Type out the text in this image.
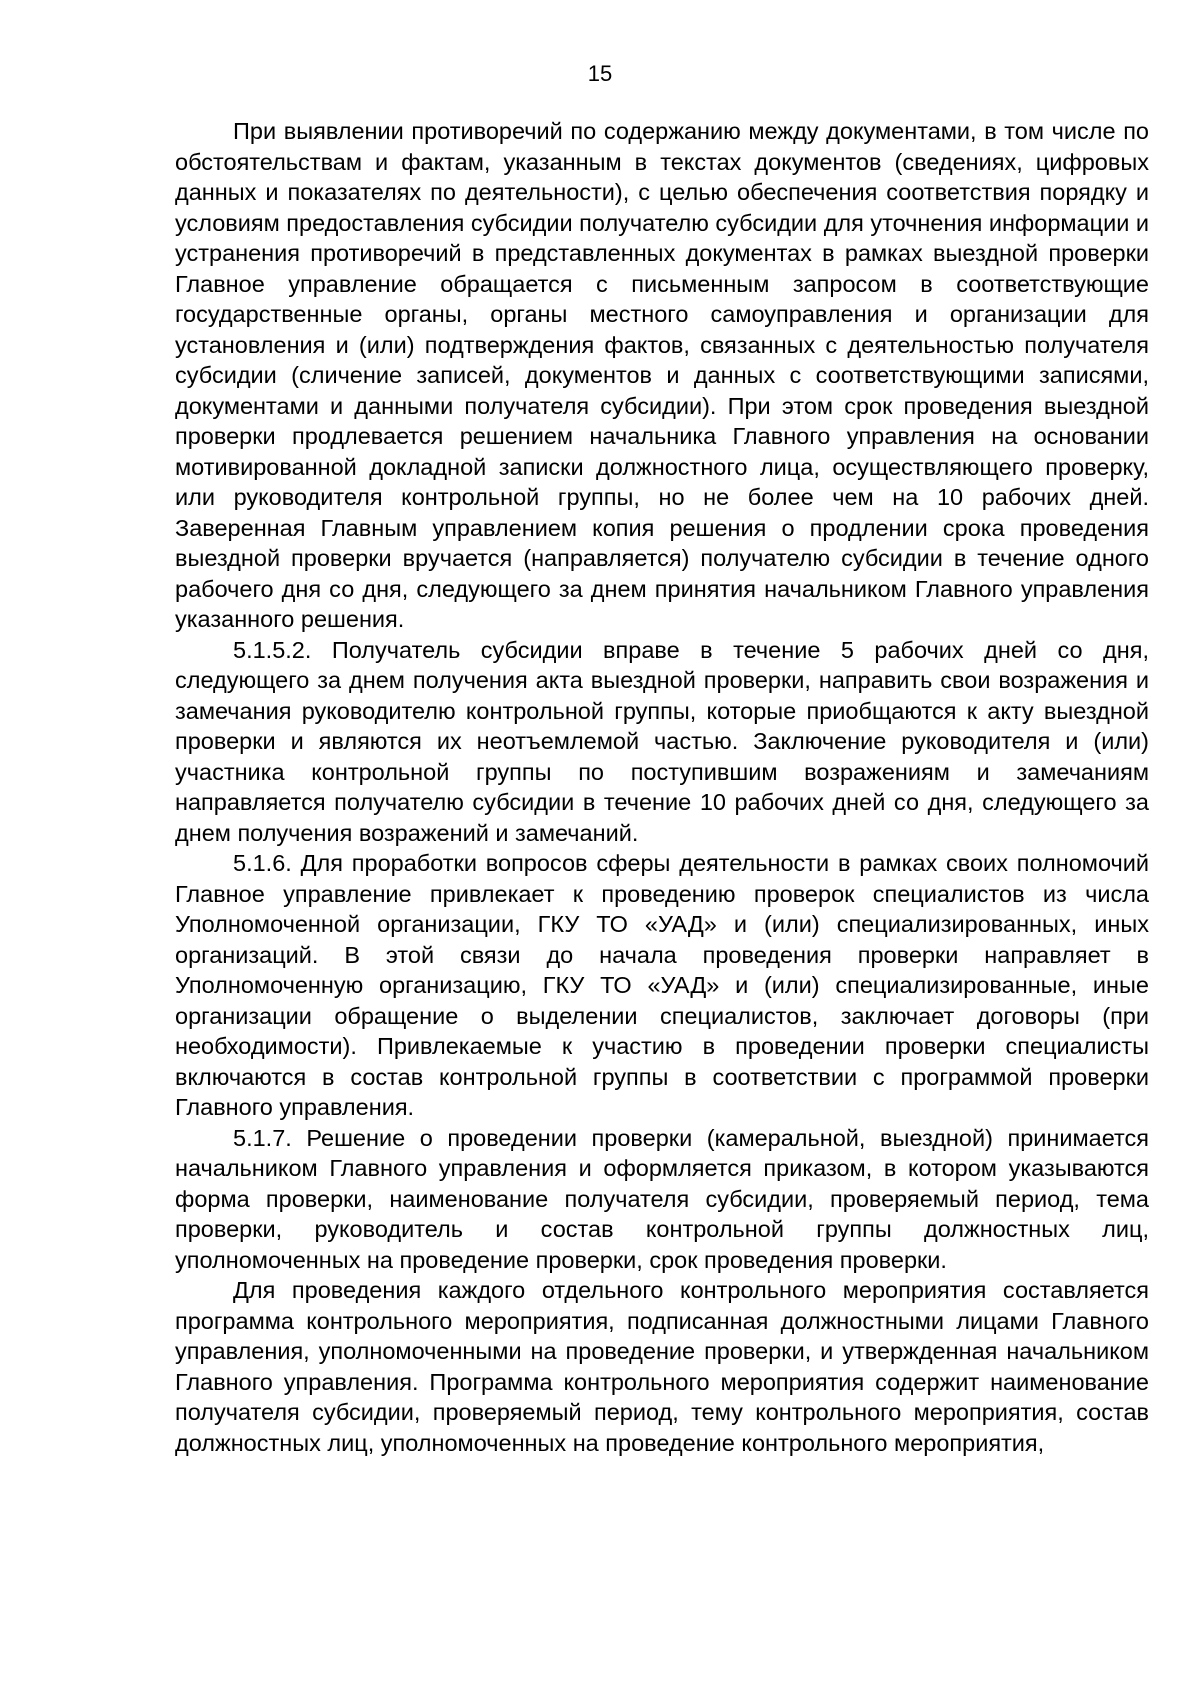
15

При выявлении противоречий по содержанию между документами, в том числе по обстоятельствам и фактам, указанным в текстах документов (сведениях, цифровых данных и показателях по деятельности), с целью обеспечения соответствия порядку и условиям предоставления субсидии получателю субсидии для уточнения информации и устранения противоречий в представленных документах в рамках выездной проверки Главное управление обращается с письменным запросом в соответствующие государственные органы, органы местного самоуправления и организации для установления и (или) подтверждения фактов, связанных с деятельностью получателя субсидии (сличение записей, документов и данных с соответствующими записями, документами и данными получателя субсидии). При этом срок проведения выездной проверки продлевается решением начальника Главного управления на основании мотивированной докладной записки должностного лица, осуществляющего проверку, или руководителя контрольной группы, но не более чем на 10 рабочих дней. Заверенная Главным управлением копия решения о продлении срока проведения выездной проверки вручается (направляется) получателю субсидии в течение одного рабочего дня со дня, следующего за днем принятия начальником Главного управления указанного решения.

5.1.5.2. Получатель субсидии вправе в течение 5 рабочих дней со дня, следующего за днем получения акта выездной проверки, направить свои возражения и замечания руководителю контрольной группы, которые приобщаются к акту выездной проверки и являются их неотъемлемой частью. Заключение руководителя и (или) участника контрольной группы по поступившим возражениям и замечаниям направляется получателю субсидии в течение 10 рабочих дней со дня, следующего за днем получения возражений и замечаний.

5.1.6. Для проработки вопросов сферы деятельности в рамках своих полномочий Главное управление привлекает к проведению проверок специалистов из числа Уполномоченной организации, ГКУ ТО «УАД» и (или) специализированных, иных организаций. В этой связи до начала проведения проверки направляет в Уполномоченную организацию, ГКУ ТО «УАД» и (или) специализированные, иные организации обращение о выделении специалистов, заключает договоры (при необходимости). Привлекаемые к участию в проведении проверки специалисты включаются в состав контрольной группы в соответствии с программой проверки Главного управления.

5.1.7. Решение о проведении проверки (камеральной, выездной) принимается начальником Главного управления и оформляется приказом, в котором указываются форма проверки, наименование получателя субсидии, проверяемый период, тема проверки, руководитель и состав контрольной группы должностных лиц, уполномоченных на проведение проверки, срок проведения проверки.

Для проведения каждого отдельного контрольного мероприятия составляется программа контрольного мероприятия, подписанная должностными лицами Главного управления, уполномоченными на проведение проверки, и утвержденная начальником Главного управления. Программа контрольного мероприятия содержит наименование получателя субсидии, проверяемый период, тему контрольного мероприятия, состав должностных лиц, уполномоченных на проведение контрольного мероприятия,
